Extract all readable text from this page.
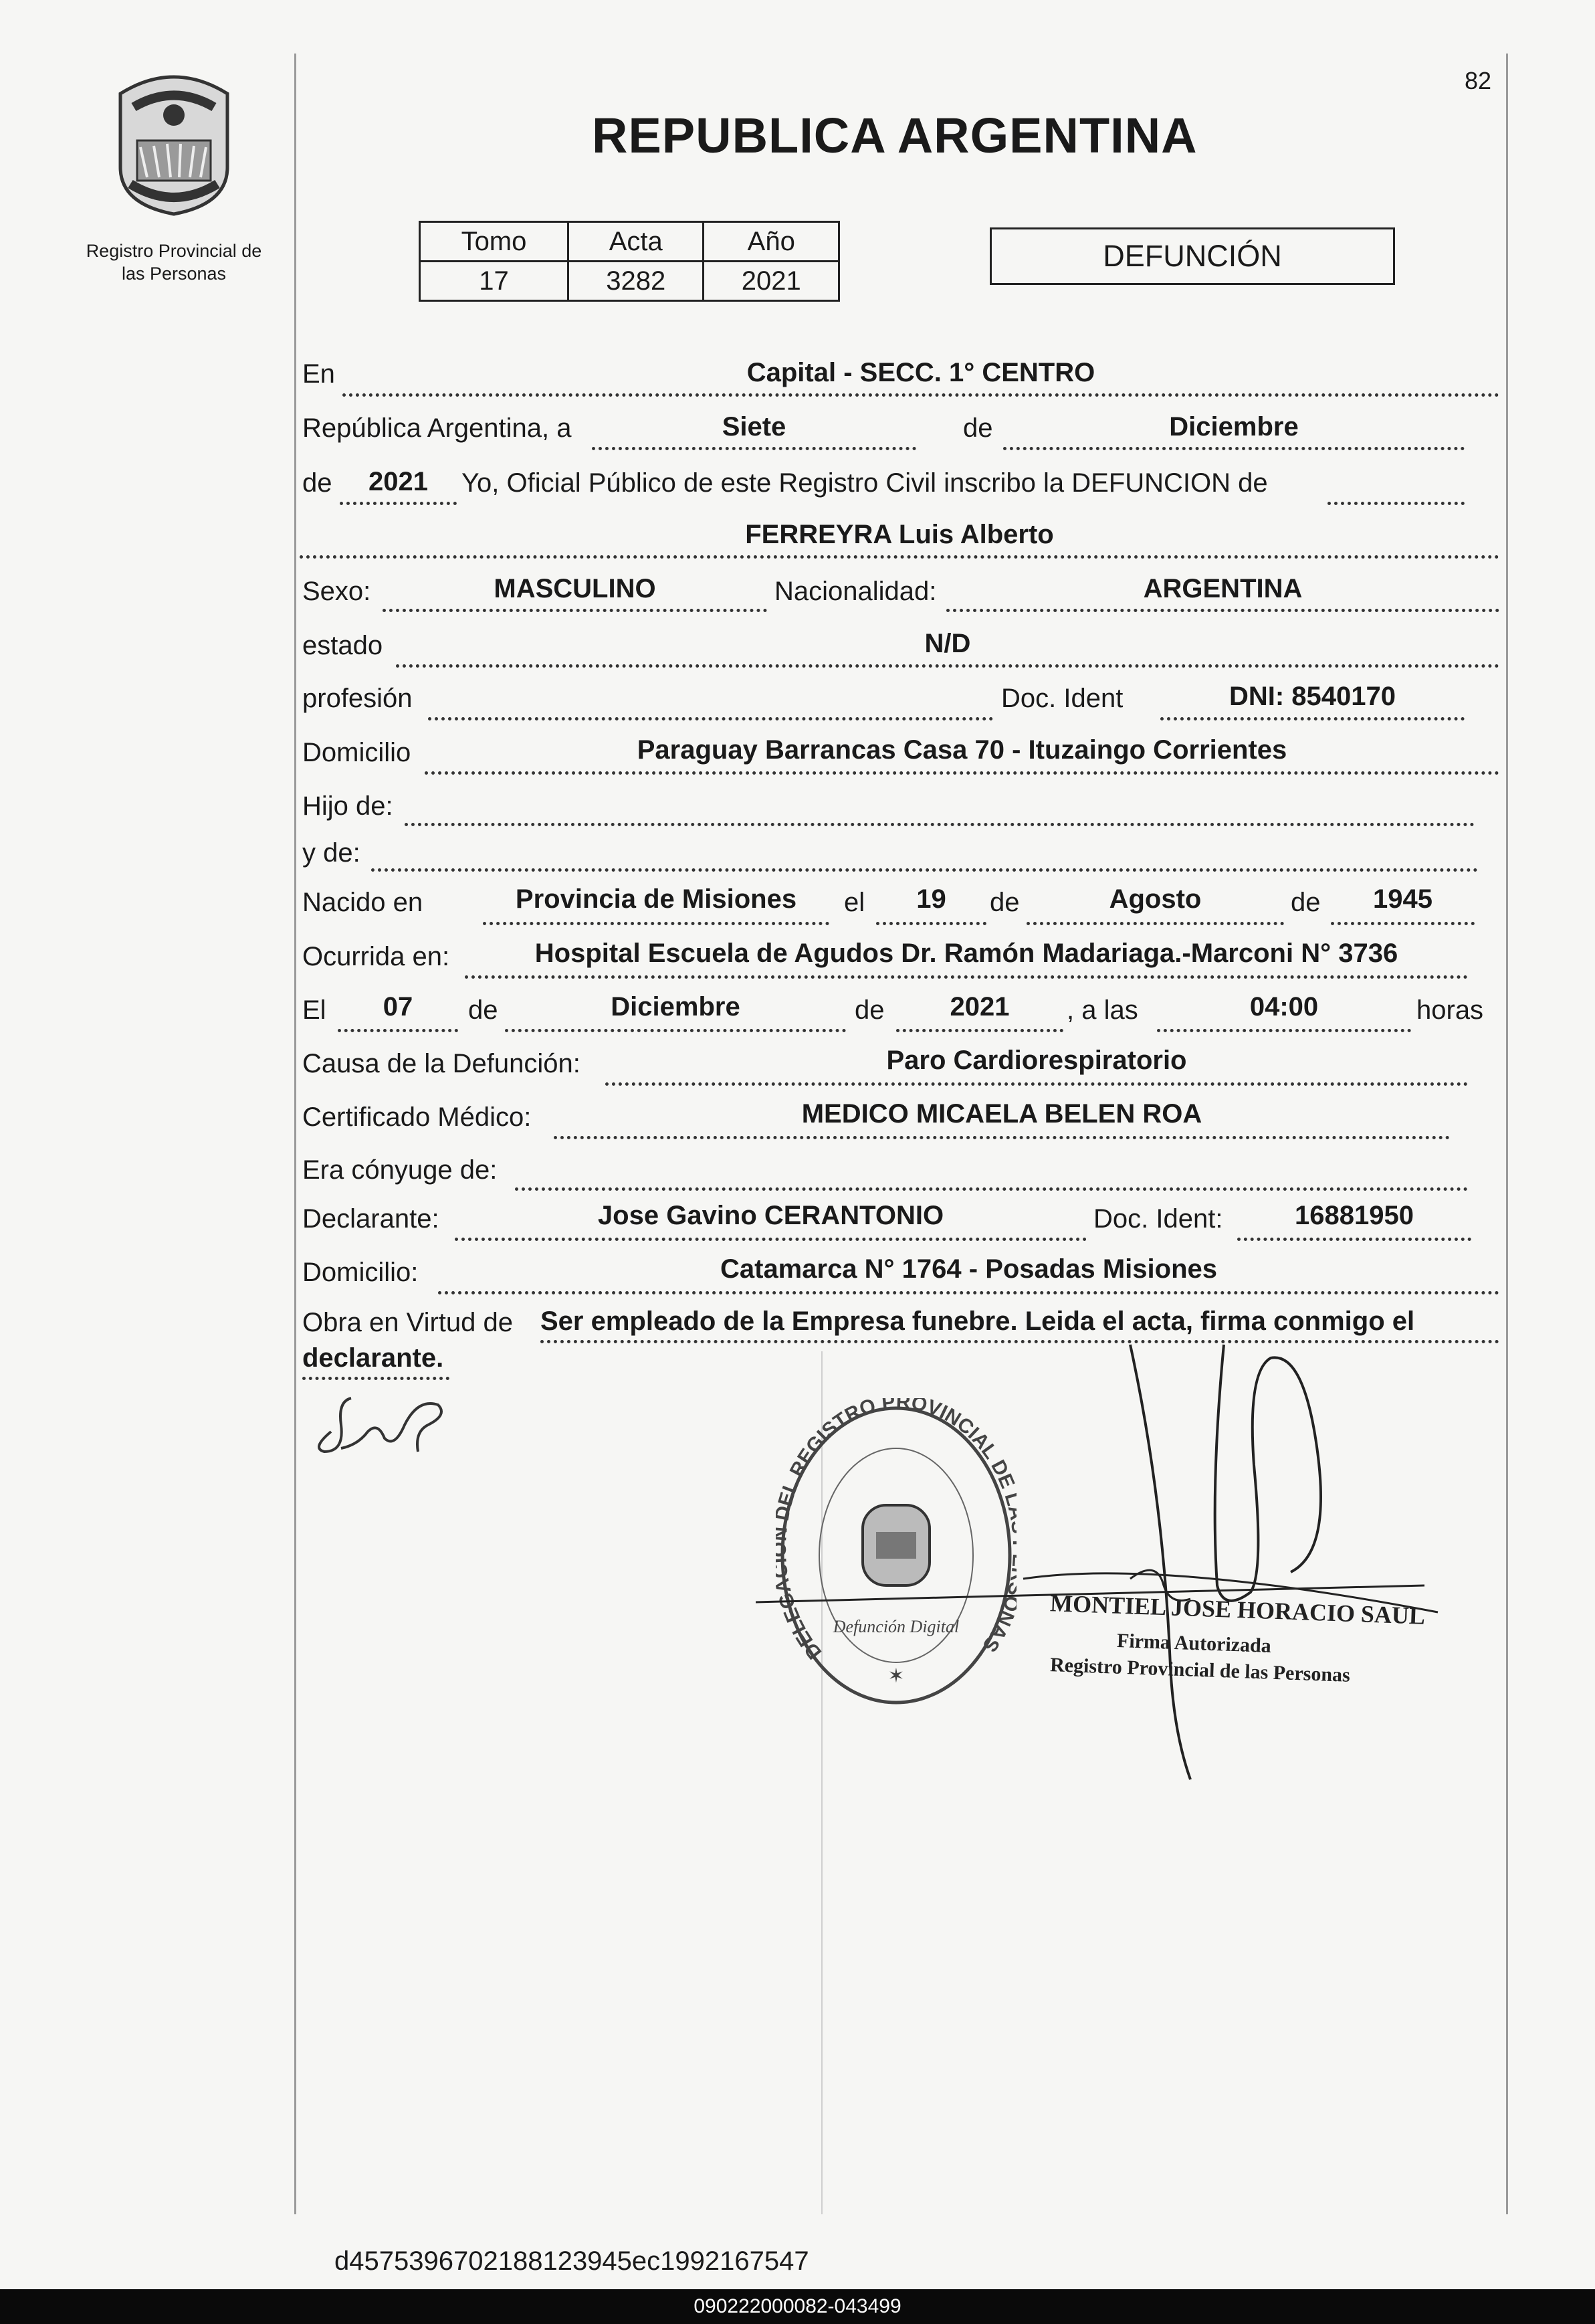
82
Registro Provincial de
las Personas
REPUBLICA ARGENTINA
Tomo	Acta	Año
17	3282	2021
DEFUNCIÓN
En	Capital - SECC. 1° CENTRO
República Argentina, a	Siete	de	Diciembre
de	2021	Yo, Oficial Público de este Registro Civil inscribo la DEFUNCION de
FERREYRA Luis Alberto
Sexo:	MASCULINO	Nacionalidad:	ARGENTINA
estado	N/D
profesión	Doc. Ident	DNI: 8540170
Domicilio	Paraguay Barrancas Casa 70 - Ituzaingo Corrientes
Hijo de:
y de:
Nacido en	Provincia de Misiones	el	19	de	Agosto	de	1945
Ocurrida en:	Hospital Escuela de Agudos Dr. Ramón Madariaga.-Marconi N° 3736
El	07	de	Diciembre	de	2021	, a las	04:00	horas
Causa de la Defunción:	Paro Cardiorespiratorio
Certificado Médico:	MEDICO MICAELA BELEN ROA
Era cónyuge de:
Declarante:	Jose Gavino CERANTONIO	Doc. Ident:	16881950
Domicilio:	Catamarca N° 1764 - Posadas Misiones
Obra en Virtud de Ser empleado de la Empresa funebre. Leida el acta, firma conmigo el
declarante.
DELEG EL REGISTRO PROVINCIAL DE NAS
Defunción Digital
✶
MONTIEL JOSE HORACIO SAUL
Firma Autorizada
Registro Provincial de las Personas
d4575396702188123945ec1992167547
090222000082-043499
